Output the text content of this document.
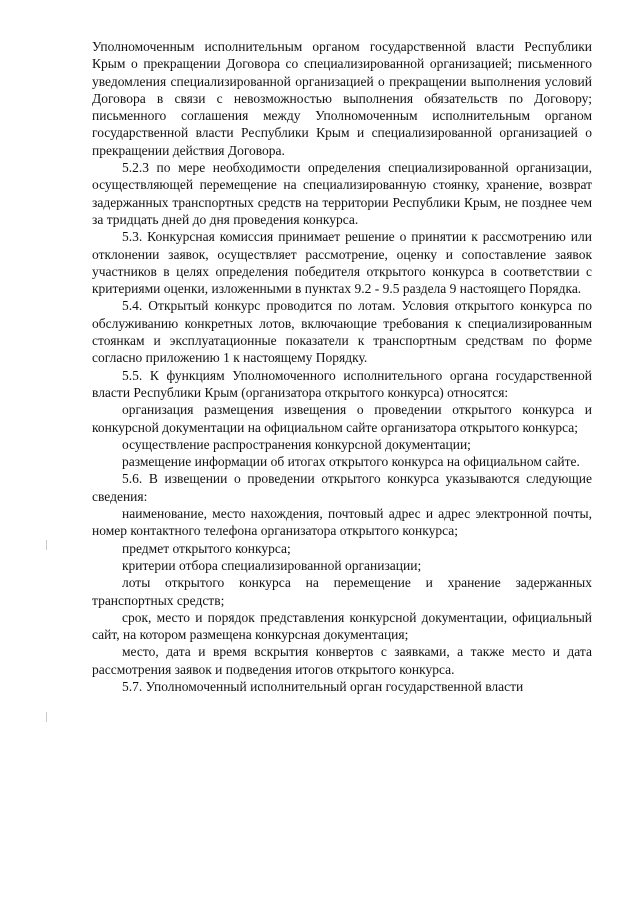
Уполномоченным исполнительным органом государственной власти Республики Крым о прекращении Договора со специализированной организацией; письменного уведомления специализированной организацией о прекращении выполнения условий Договора в связи с невозможностью выполнения обязательств по Договору; письменного соглашения между Уполномоченным исполнительным органом государственной власти Республики Крым и специализированной организацией о прекращении действия Договора.

5.2.3 по мере необходимости определения специализированной организации, осуществляющей перемещение на специализированную стоянку, хранение, возврат задержанных транспортных средств на территории Республики Крым, не позднее чем за тридцать дней до дня проведения конкурса.

5.3. Конкурсная комиссия принимает решение о принятии к рассмотрению или отклонении заявок, осуществляет рассмотрение, оценку и сопоставление заявок участников в целях определения победителя открытого конкурса в соответствии с критериями оценки, изложенными в пунктах 9.2 - 9.5 раздела 9 настоящего Порядка.

5.4. Открытый конкурс проводится по лотам. Условия открытого конкурса по обслуживанию конкретных лотов, включающие требования к специализированным стоянкам и эксплуатационные показатели к транспортным средствам по форме согласно приложению 1 к настоящему Порядку.

5.5. К функциям Уполномоченного исполнительного органа государственной власти Республики Крым (организатора открытого конкурса) относятся:

организация размещения извещения о проведении открытого конкурса и конкурсной документации на официальном сайте организатора открытого конкурса;

осуществление распространения конкурсной документации;

размещение информации об итогах открытого конкурса на официальном сайте.

5.6. В извещении о проведении открытого конкурса указываются следующие сведения:

наименование, место нахождения, почтовый адрес и адрес электронной почты, номер контактного телефона организатора открытого конкурса;

предмет открытого конкурса;

критерии отбора специализированной организации;

лоты открытого конкурса на перемещение и хранение задержанных транспортных средств;

срок, место и порядок представления конкурсной документации, официальный сайт, на котором размещена конкурсная документация;

место, дата и время вскрытия конвертов с заявками, а также место и дата рассмотрения заявок и подведения итогов открытого конкурса.

5.7. Уполномоченный исполнительный орган государственной власти
